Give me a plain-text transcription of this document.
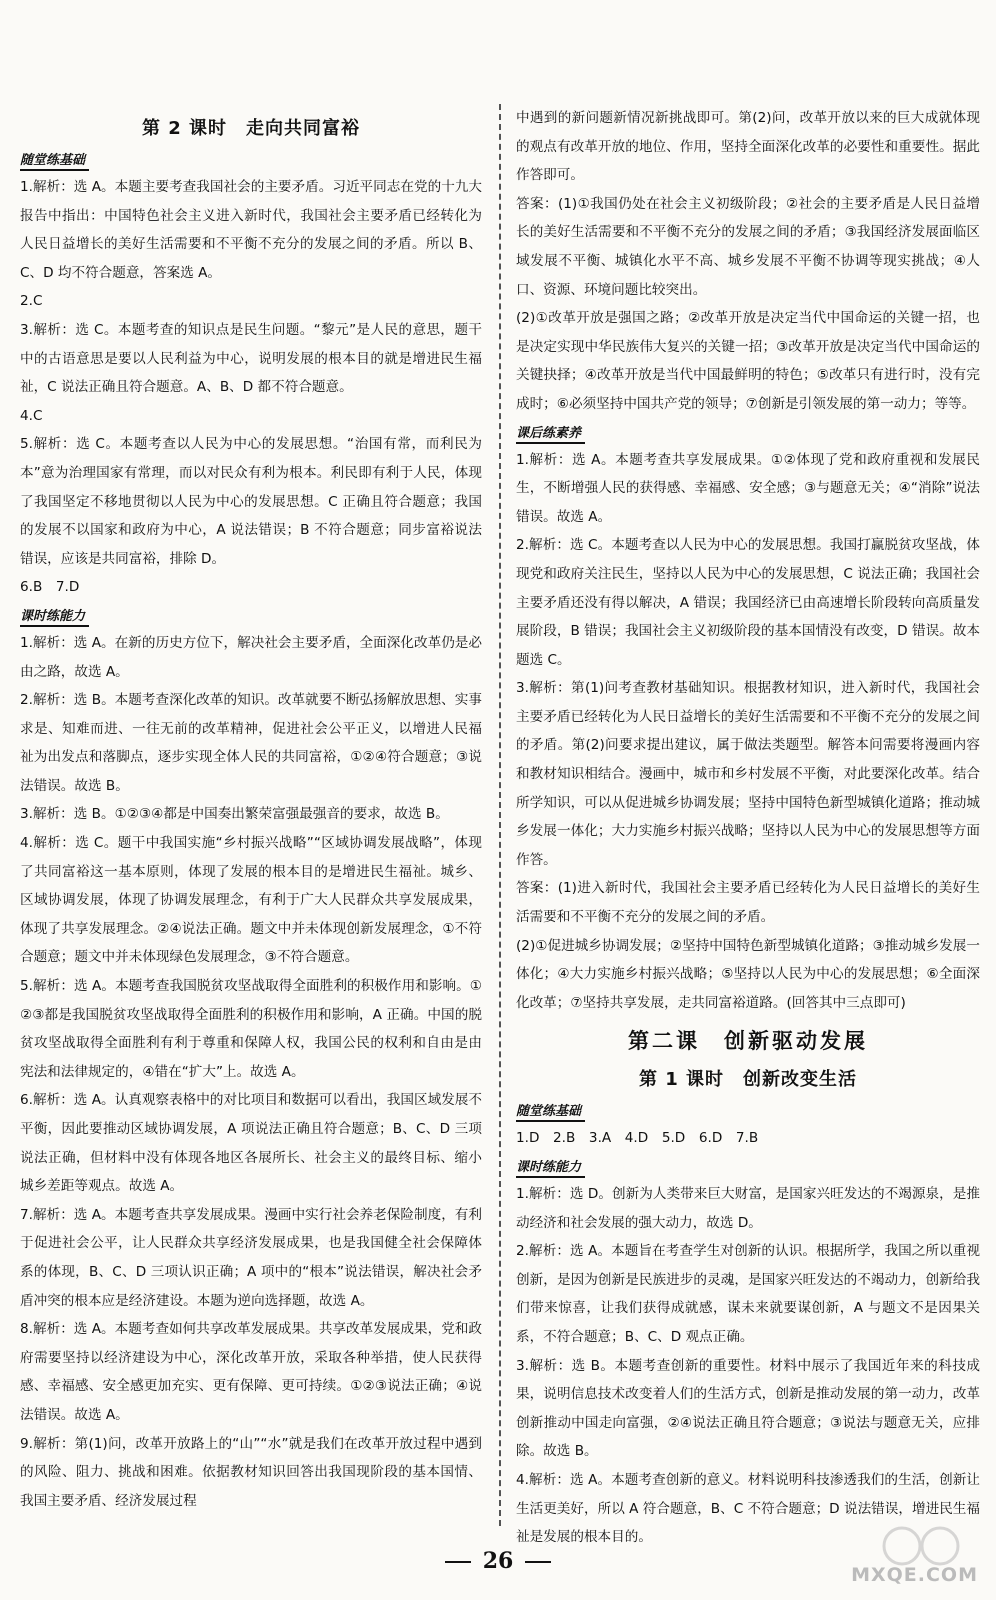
第 2 课时　走向共同富裕
随堂练基础

1.解析：选 A。本题主要考查我国社会的主要矛盾。习近平同志在党的十九大报告中指出：中国特色社会主义进入新时代，我国社会主要矛盾已经转化为人民日益增长的美好生活需要和不平衡不充分的发展之间的矛盾。所以 B、C、D 均不符合题意，答案选 A。

2.C

3.解析：选 C。本题考查的知识点是民生问题。“黎元”是人民的意思，题干中的古语意思是要以人民利益为中心，说明发展的根本目的就是增进民生福祉，C 说法正确且符合题意。A、B、D 都不符合题意。

4.C

5.解析：选 C。本题考查以人民为中心的发展思想。“治国有常，而利民为本”意为治理国家有常理，而以对民众有利为根本。利民即有利于人民，体现了我国坚定不移地贯彻以人民为中心的发展思想。C 正确且符合题意；我国的发展不以国家和政府为中心，A 说法错误；B 不符合题意；同步富裕说法错误，应该是共同富裕，排除 D。

6.B　7.D

课时练能力

1.解析：选 A。在新的历史方位下，解决社会主要矛盾，全面深化改革仍是必由之路，故选 A。

2.解析：选 B。本题考查深化改革的知识。改革就要不断弘扬解放思想、实事求是、知难而进、一往无前的改革精神，促进社会公平正义，以增进人民福祉为出发点和落脚点，逐步实现全体人民的共同富裕，①②④符合题意；③说法错误。故选 B。

3.解析：选 B。①②③④都是中国奏出繁荣富强最强音的要求，故选 B。

4.解析：选 C。题干中我国实施“乡村振兴战略”“区域协调发展战略”，体现了共同富裕这一基本原则，体现了发展的根本目的是增进民生福祉。城乡、区域协调发展，体现了协调发展理念，有利于广大人民群众共享发展成果，体现了共享发展理念。②④说法正确。题文中并未体现创新发展理念，①不符合题意；题文中并未体现绿色发展理念，③不符合题意。

5.解析：选 A。本题考查我国脱贫攻坚战取得全面胜利的积极作用和影响。①②③都是我国脱贫攻坚战取得全面胜利的积极作用和影响，A 正确。中国的脱贫攻坚战取得全面胜利有利于尊重和保障人权，我国公民的权利和自由是由宪法和法律规定的，④错在“扩大”上。故选 A。

6.解析：选 A。认真观察表格中的对比项目和数据可以看出，我国区域发展不平衡，因此要推动区域协调发展，A 项说法正确且符合题意；B、C、D 三项说法正确，但材料中没有体现各地区各展所长、社会主义的最终目标、缩小城乡差距等观点。故选 A。

7.解析：选 A。本题考查共享发展成果。漫画中实行社会养老保险制度，有利于促进社会公平，让人民群众共享经济发展成果，也是我国健全社会保障体系的体现，B、C、D 三项认识正确；A 项中的“根本”说法错误，解决社会矛盾冲突的根本应是经济建设。本题为逆向选择题，故选 A。

8.解析：选 A。本题考查如何共享改革发展成果。共享改革发展成果，党和政府需要坚持以经济建设为中心，深化改革开放，采取各种举措，使人民获得感、幸福感、安全感更加充实、更有保障、更可持续。①②③说法正确；④说法错误。故选 A。

9.解析：第(1)问，改革开放路上的“山”“水”就是我们在改革开放过程中遇到的风险、阻力、挑战和困难。依据教材知识回答出我国现阶段的基本国情、我国主要矛盾、经济发展过程

中遇到的新问题新情况新挑战即可。第(2)问，改革开放以来的巨大成就体现的观点有改革开放的地位、作用，坚持全面深化改革的必要性和重要性。据此作答即可。

答案：(1)①我国仍处在社会主义初级阶段；②社会的主要矛盾是人民日益增长的美好生活需要和不平衡不充分的发展之间的矛盾；③我国经济发展面临区域发展不平衡、城镇化水平不高、城乡发展不平衡不协调等现实挑战；④人口、资源、环境问题比较突出。

(2)①改革开放是强国之路；②改革开放是决定当代中国命运的关键一招，也是决定实现中华民族伟大复兴的关键一招；③改革开放是决定当代中国命运的关键抉择；④改革开放是当代中国最鲜明的特色；⑤改革只有进行时，没有完成时；⑥必须坚持中国共产党的领导；⑦创新是引领发展的第一动力；等等。

课后练素养

1.解析：选 A。本题考查共享发展成果。①②体现了党和政府重视和发展民生，不断增强人民的获得感、幸福感、安全感；③与题意无关；④“消除”说法错误。故选 A。

2.解析：选 C。本题考查以人民为中心的发展思想。我国打赢脱贫攻坚战，体现党和政府关注民生，坚持以人民为中心的发展思想，C 说法正确；我国社会主要矛盾还没有得以解决，A 错误；我国经济已由高速增长阶段转向高质量发展阶段，B 错误；我国社会主义初级阶段的基本国情没有改变，D 错误。故本题选 C。

3.解析：第(1)问考查教材基础知识。根据教材知识，进入新时代，我国社会主要矛盾已经转化为人民日益增长的美好生活需要和不平衡不充分的发展之间的矛盾。第(2)问要求提出建议，属于做法类题型。解答本问需要将漫画内容和教材知识相结合。漫画中，城市和乡村发展不平衡，对此要深化改革。结合所学知识，可以从促进城乡协调发展；坚持中国特色新型城镇化道路；推动城乡发展一体化；大力实施乡村振兴战略；坚持以人民为中心的发展思想等方面作答。

答案：(1)进入新时代，我国社会主要矛盾已经转化为人民日益增长的美好生活需要和不平衡不充分的发展之间的矛盾。

(2)①促进城乡协调发展；②坚持中国特色新型城镇化道路；③推动城乡发展一体化；④大力实施乡村振兴战略；⑤坚持以人民为中心的发展思想；⑥全面深化改革；⑦坚持共享发展，走共同富裕道路。(回答其中三点即可)

第二课　创新驱动发展
第 1 课时　创新改变生活
随堂练基础

1.D　2.B　3.A　4.D　5.D　6.D　7.B

课时练能力

1.解析：选 D。创新为人类带来巨大财富，是国家兴旺发达的不竭源泉，是推动经济和社会发展的强大动力，故选 D。

2.解析：选 A。本题旨在考查学生对创新的认识。根据所学，我国之所以重视创新，是因为创新是民族进步的灵魂，是国家兴旺发达的不竭动力，创新给我们带来惊喜，让我们获得成就感，谋未来就要谋创新，A 与题文不是因果关系，不符合题意；B、C、D 观点正确。

3.解析：选 B。本题考查创新的重要性。材料中展示了我国近年来的科技成果，说明信息技术改变着人们的生活方式，创新是推动发展的第一动力，改革创新推动中国走向富强，②④说法正确且符合题意；③说法与题意无关，应排除。故选 B。

4.解析：选 A。本题考查创新的意义。材料说明科技渗透我们的生活，创新让生活更美好，所以 A 符合题意，B、C 不符合题意；D 说法错误，增进民生福祉是发展的根本目的。

26
MXQE.COM
